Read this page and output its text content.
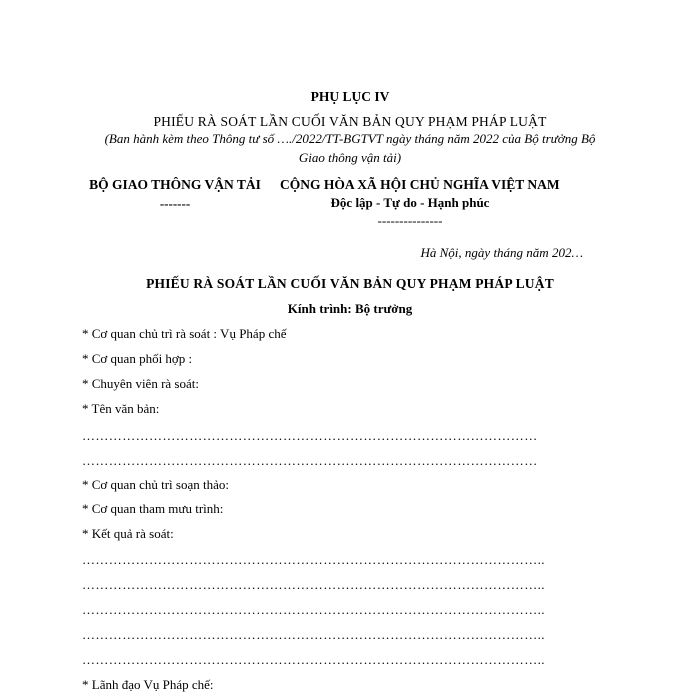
PHỤ LỤC IV
PHIẾU RÀ SOÁT LẦN CUỐI VĂN BẢN QUY PHẠM PHÁP LUẬT
(Ban hành kèm theo Thông tư số …./2022/TT-BGTVT ngày tháng năm 2022 của Bộ trưởng Bộ
Giao thông vận tải)
BỘ GIAO THÔNG VẬN TẢI
-------
CỘNG HÒA XÃ HỘI CHỦ NGHĨA VIỆT NAM
Độc lập - Tự do - Hạnh phúc
---------------
Hà Nội, ngày tháng năm 202…
PHIẾU RÀ SOÁT LẦN CUỐI VĂN BẢN QUY PHẠM PHÁP LUẬT
Kính trình: Bộ trưởng
* Cơ quan chủ trì rà soát : Vụ Pháp chế
* Cơ quan phối hợp :
* Chuyên viên rà soát:
* Tên văn bản:
…………………………………………………………………………………………
…………………………………………………………………………………………
* Cơ quan chủ trì soạn thảo:
* Cơ quan tham mưu trình:
* Kết quả rà soát:
…………………………………………………………………………………………..
…………………………………………………………………………………………..
…………………………………………………………………………………………..
…………………………………………………………………………………………..
…………………………………………………………………………………………..
* Lãnh đạo Vụ Pháp chế:
